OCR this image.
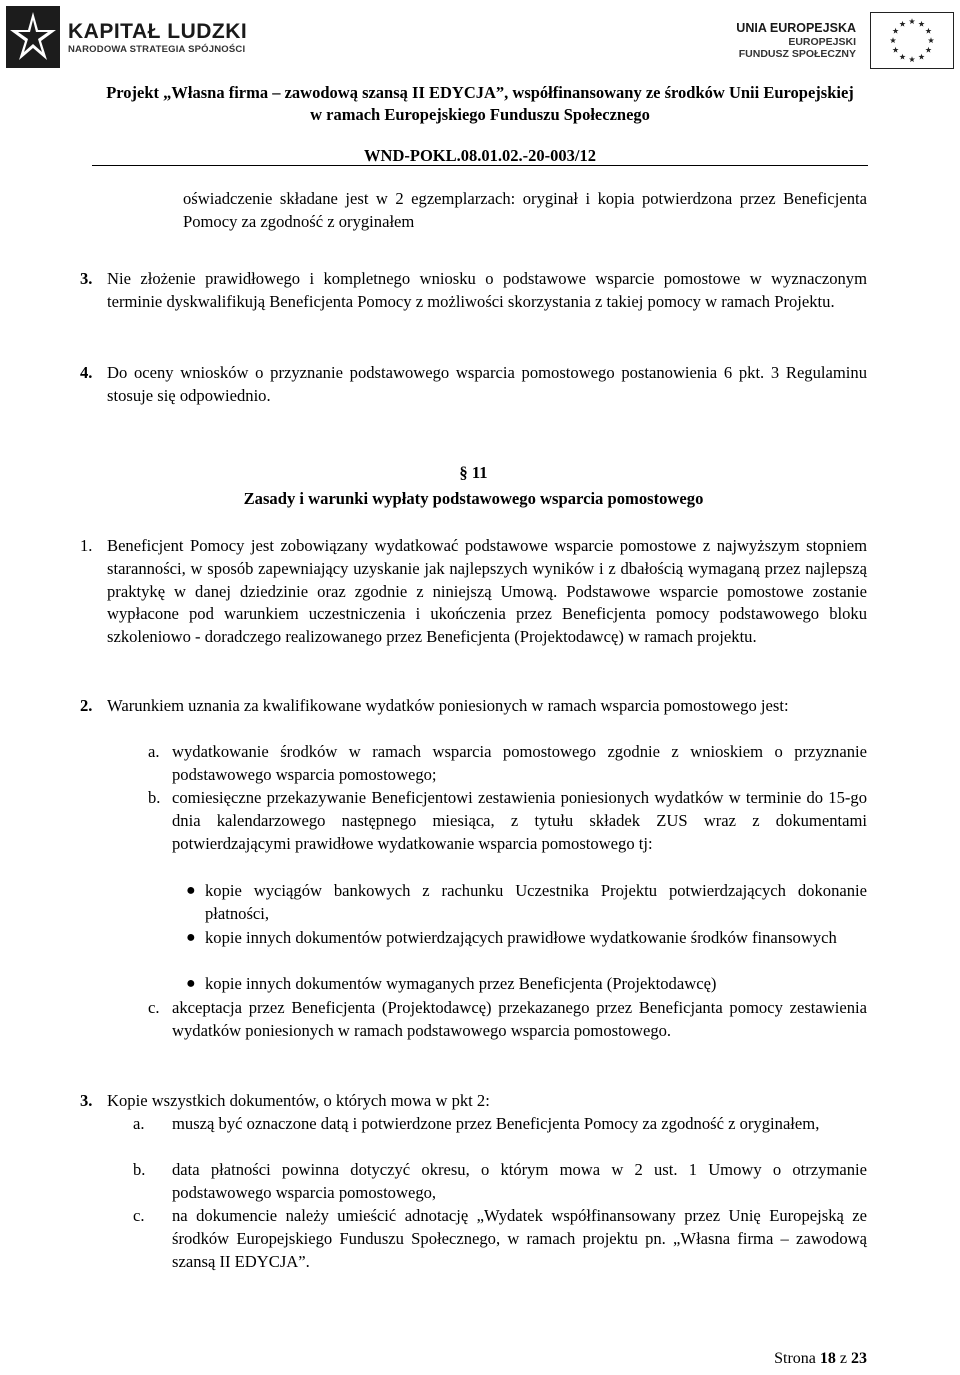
KAPITAŁ LUDZKI
NARODOWA STRATEGIA SPÓJNOŚCI
UNIA EUROPEJSKA
EUROPEJSKI
FUNDUSZ SPOŁECZNY
Projekt „Własna firma – zawodową szansą II EDYCJA”, współfinansowany ze środków Unii Europejskiej
w ramach Europejskiego Funduszu Społecznego
WND-POKL.08.01.02.-20-003/12

oświadczenie składane jest w 2 egzemplarzach: oryginał i kopia potwierdzona przez Beneficjenta Pomocy za zgodność z oryginałem

3. Nie złożenie prawidłowego i kompletnego wniosku o podstawowe wsparcie pomostowe w wyznaczonym terminie dyskwalifikują Beneficjenta Pomocy z możliwości skorzystania z takiej pomocy w ramach Projektu.

4. Do oceny wniosków o przyznanie podstawowego wsparcia pomostowego postanowienia 6 pkt. 3 Regulaminu stosuje się odpowiednio.

§ 11
Zasady i warunki wypłaty podstawowego wsparcia pomostowego

1. Beneficjent Pomocy jest zobowiązany wydatkować podstawowe wsparcie pomostowe z najwyższym stopniem staranności, w sposób zapewniający uzyskanie jak najlepszych wyników i z dbałością wymaganą przez najlepszą praktykę w danej dziedzinie oraz zgodnie z niniejszą Umową. Podstawowe wsparcie pomostowe zostanie wypłacone pod warunkiem uczestniczenia i ukończenia przez Beneficjenta pomocy podstawowego bloku szkoleniowo - doradczego realizowanego przez Beneficjenta (Projektodawcę) w ramach projektu.

2. Warunkiem uznania za kwalifikowane wydatków poniesionych w ramach wsparcia pomostowego jest:

a. wydatkowanie środków w ramach wsparcia pomostowego zgodnie z wnioskiem o przyznanie podstawowego wsparcia pomostowego;

b. comiesięczne przekazywanie Beneficjentowi zestawienia poniesionych wydatków w terminie do 15-go dnia kalendarzowego następnego miesiąca, z tytułu składek ZUS wraz z dokumentami potwierdzającymi prawidłowe wydatkowanie wsparcia pomostowego tj:

● kopie wyciągów bankowych z rachunku Uczestnika Projektu potwierdzających dokonanie płatności,

● kopie innych dokumentów potwierdzających prawidłowe wydatkowanie środków finansowych

● kopie innych dokumentów wymaganych przez Beneficjenta (Projektodawcę)

c. akceptacja przez Beneficjenta (Projektodawcę) przekazanego przez Beneficjanta pomocy zestawienia wydatków poniesionych w ramach podstawowego wsparcia pomostowego.

3. Kopie wszystkich dokumentów, o których mowa w pkt 2:

a. muszą być oznaczone datą i potwierdzone przez Beneficjenta Pomocy za zgodność z oryginałem,

b. data płatności powinna dotyczyć okresu, o którym mowa w 2 ust. 1 Umowy o otrzymanie podstawowego wsparcia pomostowego,

c. na dokumencie należy umieścić adnotację „Wydatek współfinansowany przez Unię Europejską ze środków Europejskiego Funduszu Społecznego, w ramach projektu pn. „Własna firma – zawodową szansą II EDYCJA”.

Strona 18 z 23
